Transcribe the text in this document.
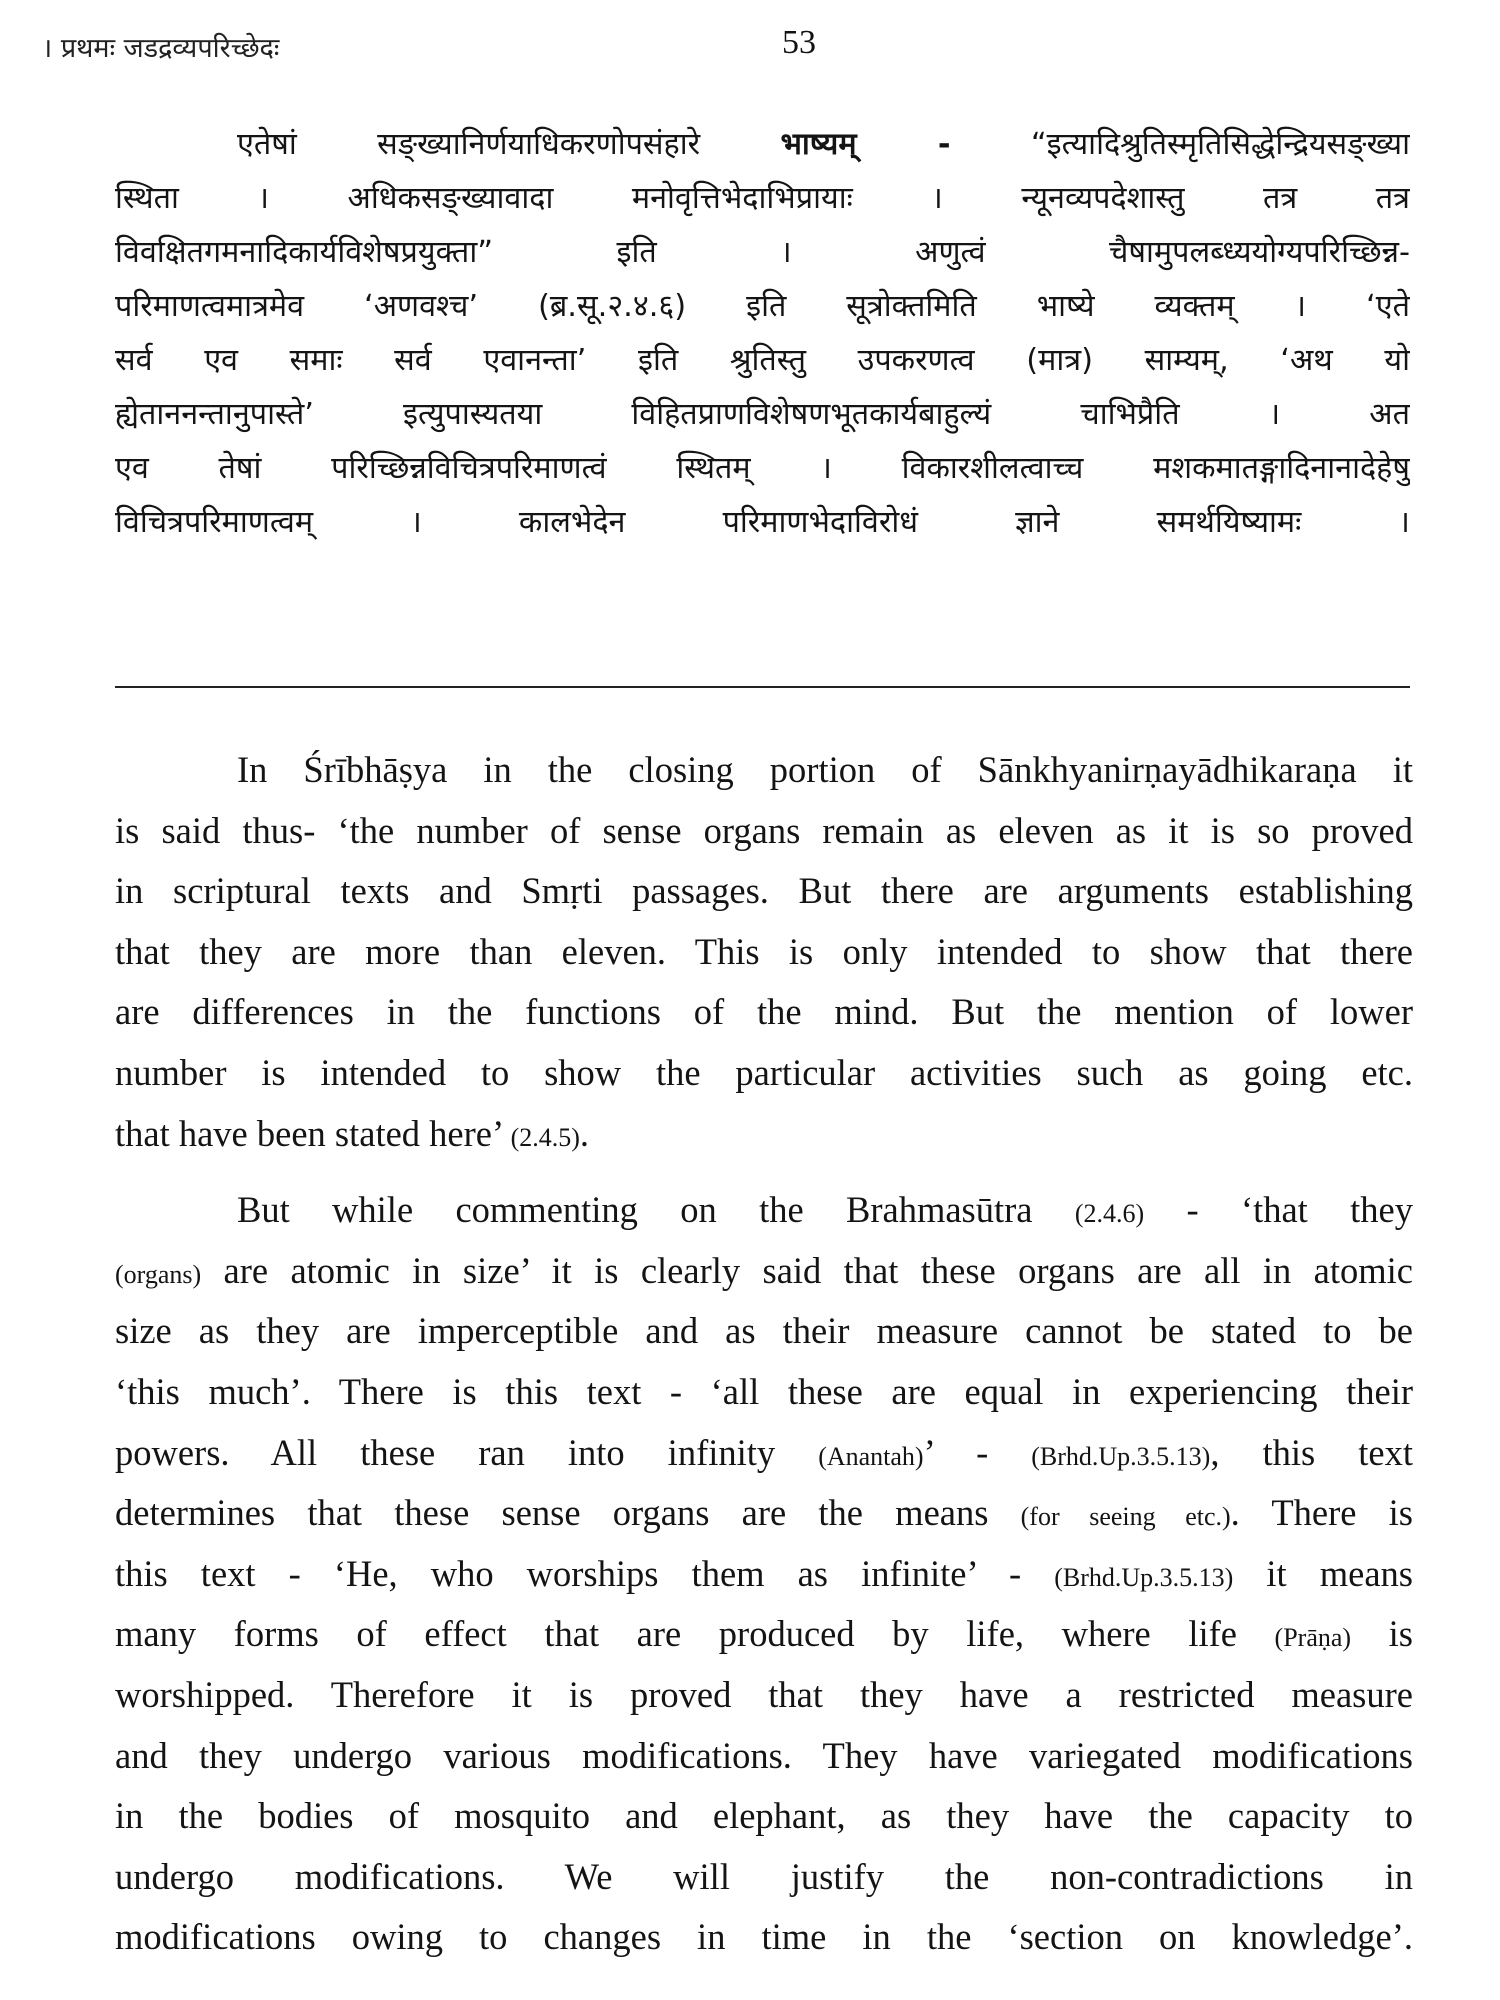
। प्रथमः जडद्रव्यपरिच्छेदः	53
एतेषां सङ्ख्यानिर्णयाधिकरणोपसंहारे भाष्यम् - “इत्यादिश्रुतिस्मृतिसिद्धेन्द्रियसङ्ख्या
स्थिता । अधिकसङ्ख्यावादा मनोवृत्तिभेदाभिप्रायाः । न्यूनव्यपदेशास्तु तत्र तत्र
विवक्षितगमनादिकार्यविशेषप्रयुक्ता” इति । अणुत्वं चैषामुपलब्ध्ययोग्यपरिच्छिन्न-
परिमाणत्वमात्रमेव ‘अणवश्च’ (ब्र.सू.२.४.६) इति सूत्रोक्तमिति भाष्ये व्यक्तम् । ‘एते
सर्व एव समाः सर्व एवानन्ता’ इति श्रुतिस्तु उपकरणत्व (मात्र) साम्यम्, ‘अथ यो
ह्येताननन्तानुपास्ते’ इत्युपास्यतया विहितप्राणविशेषणभूतकार्यबाहुल्यं चाभिप्रैति । अत
एव तेषां परिच्छिन्नविचित्रपरिमाणत्वं स्थितम् । विकारशीलत्वाच्च मशकमातङ्गादिनानादेहेषु
विचित्रपरिमाणत्वम् । कालभेदेन परिमाणभेदाविरोधं ज्ञाने समर्थयिष्यामः ।
In Śrībhāṣya in the closing portion of Sānkhyanirṇayādhikaraṇa it
is said thus- ‘the number of sense organs remain as eleven as it is so proved
in scriptural texts and Smṛti passages. But there are arguments establishing
that they are more than eleven. This is only intended to show that there
are differences in the functions of the mind. But the mention of lower
number is intended to show the particular activities such as going etc.
that have been stated here’ (2.4.5).
But while commenting on the Brahmasūtra (2.4.6) - ‘that they
(organs) are atomic in size’ it is clearly said that these organs are all in atomic
size as they are imperceptible and as their measure cannot be stated to be
‘this much’. There is this text - ‘all these are equal in experiencing their
powers. All these ran into infinity (Anantah)’ - (Brhd.Up.3.5.13), this text
determines that these sense organs are the means (for seeing etc.). There is
this text - ‘He, who worships them as infinite’ - (Brhd.Up.3.5.13) it means
many forms of effect that are produced by life, where life (Prāṇa) is
worshipped. Therefore it is proved that they have a restricted measure
and they undergo various modifications. They have variegated modifications
in the bodies of mosquito and elephant, as they have the capacity to
undergo modifications. We will justify the non-contradictions in
modifications owing to changes in time in the ‘section on knowledge’.
